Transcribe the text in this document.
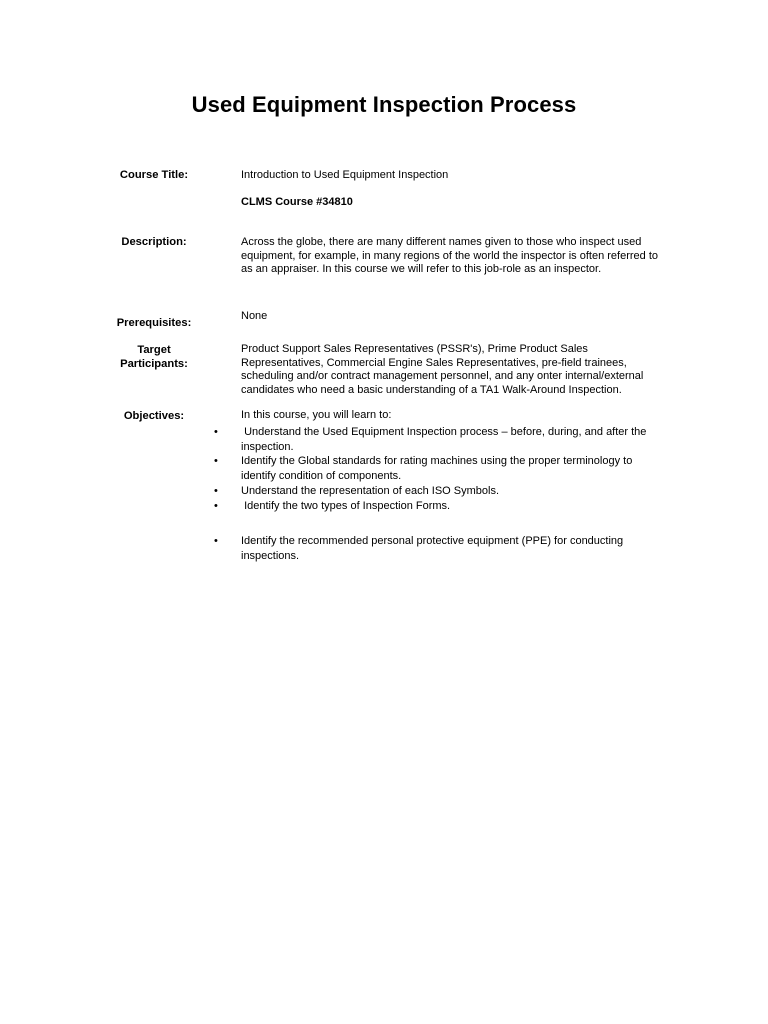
Used Equipment Inspection Process
Course Title:	Introduction to Used Equipment Inspection
CLMS Course #34810
Description:	Across the globe, there are many different names given to those who inspect used equipment, for example, in many regions of the world the inspector is often referred to as an appraiser. In this course we will refer to this job-role as an inspector.
Prerequisites:
None
Target
Participants:
Product Support Sales Representatives (PSSR's), Prime Product Sales Representatives, Commercial Engine Sales Representatives, pre-field trainees, scheduling and/or contract management personnel, and any onter internal/external candidates who need a basic understanding of a TA1 Walk-Around Inspection.
Objectives:	In this course, you will learn to:
•	Understand the Used Equipment Inspection process – before, during, and after the inspection.
•	Identify the Global standards for rating machines using the proper terminology to identify condition of components.
•	Understand the representation of each ISO Symbols.
•	Identify the two types of Inspection Forms.
•	Identify the recommended personal protective equipment (PPE) for conducting inspections.
